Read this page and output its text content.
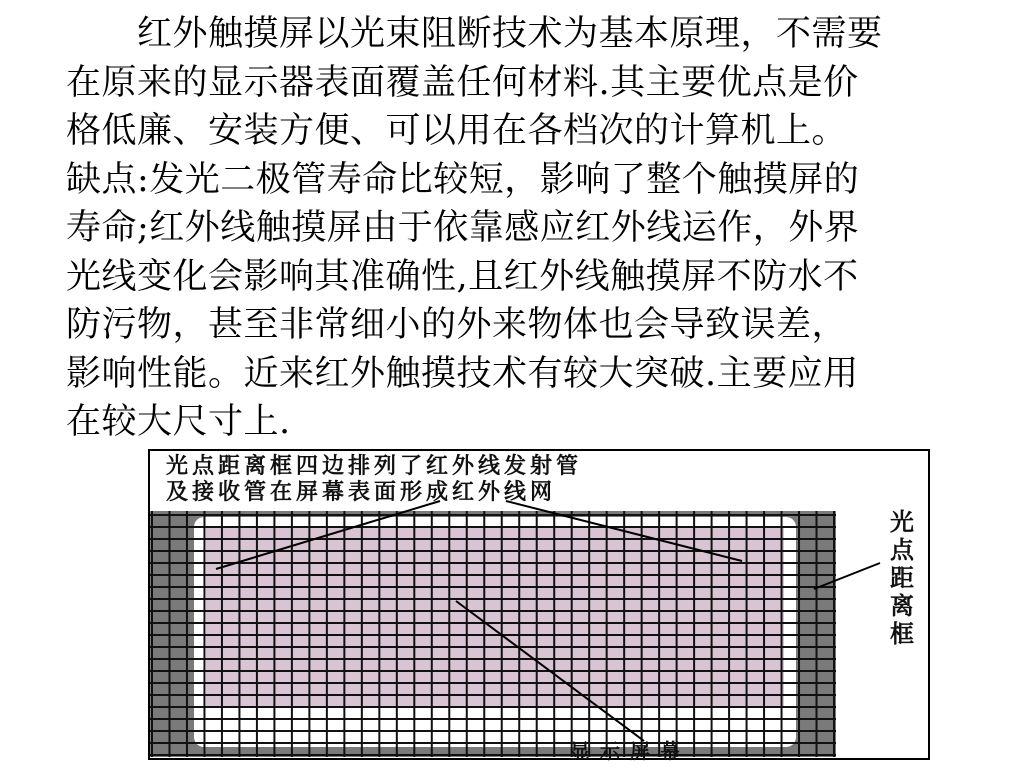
　　红外触摸屏以光束阻断技术为基本原理，不需要
在原来的显示器表面覆盖任何材料.其主要优点是价
格低廉、安装方便、可以用在各档次的计算机上。
缺点:发光二极管寿命比较短，影响了整个触摸屏的
寿命;红外线触摸屏由于依靠感应红外线运作，外界
光线变化会影响其准确性,且红外线触摸屏不防水不
防污物，甚至非常细小的外来物体也会导致误差，
影响性能。近来红外触摸技术有较大突破.主要应用
在较大尺寸上.
光点距离框四边排列了红外线发射管
及接收管在屏幕表面形成红外线网
光点距离框
显示屏幕
